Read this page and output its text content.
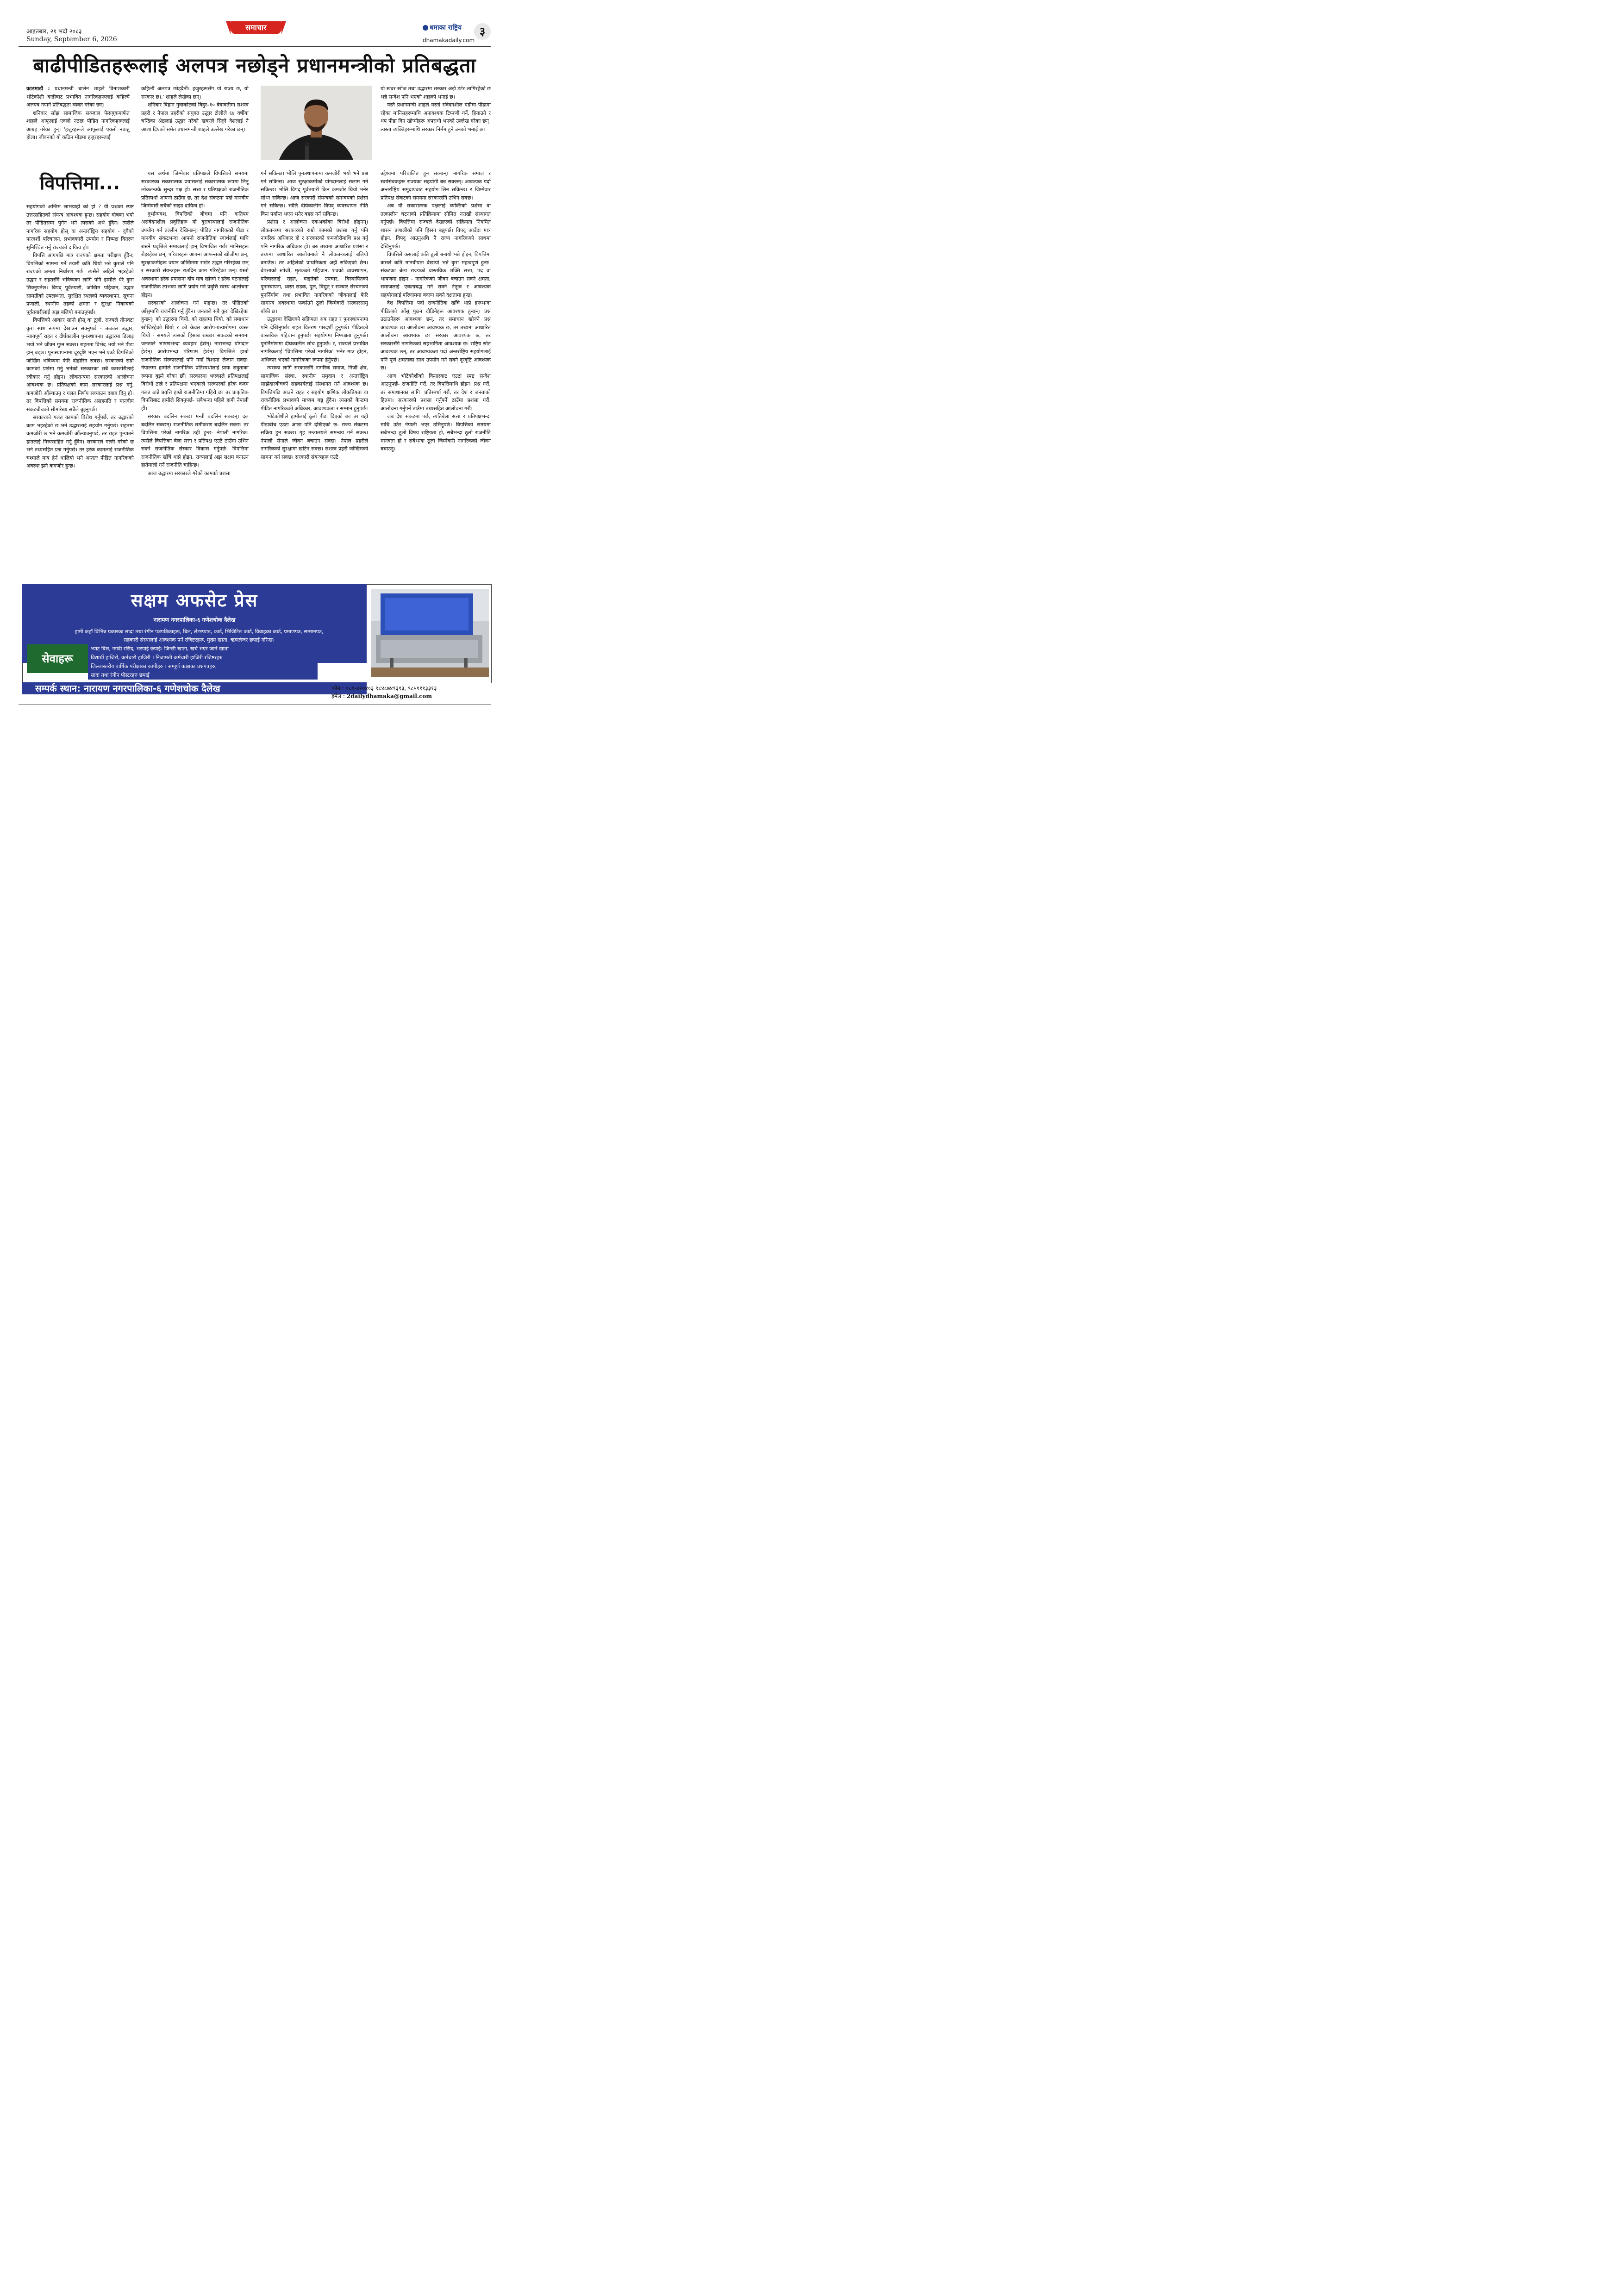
आइतबार, २१ भदौ २०८३
Sunday, September 6, 2026
समाचार	धमाका राष्ट्रिय
dhamakadaily.com
३
बाढीपीडितहरूलाई अलपत्र नछोड्ने प्रधानमन्त्रीको प्रतिबद्धता

काठमाडौं : प्रधानमन्त्री बालेन शाहले विनाशकारी भोटेकोशी बाढीबाट प्रभावित नागरिकहरूलाई कहिल्यै अलपत्र नपार्ने प्रतिबद्धता व्यक्त गरेका छन्।

शनिबार साँझ सामाजिक सञ्जाल फेसबुकमार्फत शाहले आफूलाई एक्लो नठान्न पीडित नागरिकहरूलाई आग्रह गरेका हुन्। 'हजुरहरूले आफूलाई एक्लो नठान्नु होला। जीवनको यो कठिन मोडमा हजुरहरूलाई

कहिल्यै अलपत्र छोड्दैनौं। हजुरहरूसँग यो राज्य छ, यो सरकार छ।,' शाहले लेखेका छन्।

शनिबार बिहान नुवाकोटको विदुर–१० बेत्रावतीमा सशस्त्र प्रहरी र नेपाल प्रहरीको संयुक्त उद्धार टोलीले ६४ वर्षीया चन्द्रिका श्रेष्ठलाई उद्धार गरेको खबरले सिङ्गो देशलाई नै आशा दिएको समेत प्रधानमन्त्री शाहले उल्लेख गरेका छन्।

यो खबर खोज तथा उद्धारमा सरकार अझै डटेर लागिरहेको छ भन्ने सन्देश पनि भएको शाहको भनाई छ।

यस्तै प्रधानमन्त्री शाहले यस्तो संवेदनशील घडीमा पीडामा रहेका मानिसहरूमाथि अनावश्यक टिप्पणी गर्ने, हियाउने र थप पीडा दिन खोज्नेहरू अपराधी भएको उल्लेख गरेका छन्। त्यस्ता व्यक्तिहरूमाथि सरकार निर्मम हुने उनको भनाई छ।

विपत्तिमा...

सहयोगको अन्तिम लाभग्राही को हो ? यी प्रश्नको स्पष्ट उत्तरसहितको संयन्त्र आवश्यक हुन्छ। सहयोग घोषणा भयो तर पीडितसम्म पुगेन भने त्यसको अर्थ हुँदैन। त्यसैले नागरिक सहयोग होस् वा अन्तर्राष्ट्रिय सहयोग - दुवैको पारदर्शी परिचालन, प्रभावकारी उपयोग र निष्पक्ष वितरण सुनिश्चित गर्नु राज्यको दायित्व हो।

विपत्ति आएपछि मात्र राज्यको क्षमता परीक्षण हुँदैन; विपत्तिको सामना गर्ने तयारी कति थियो भन्ने कुराले पनि राज्यको क्षमता निर्धारण गर्छ। त्यसैले अहिले भइरहेको उद्धार र राहतसँगै भविष्यका लागि पनि हामीले धेरै कुरा सिक्नुपर्नेछ। विपद् पूर्वतयारी, जोखिम पहिचान, उद्धार सामग्रीको उपलब्धता, सुरक्षित स्थलको व्यवस्थापन, सूचना प्रणाली, स्थानीय तहको क्षमता र सुरक्षा निकायको पूर्वतयारीलाई अझ बलियो बनाउनुपर्छ।

विपत्तिको आकार सानो होस् वा ठूलो, राज्यले तीनवटा कुरा स्पष्ट रूपमा देखाउन सक्नुपर्छ - तत्काल उद्धार, न्यायपूर्ण राहत र दीर्घकालीन पुनःस्थापना। उद्धारमा ढिलाइ भयो भने जीवन गुम्न सक्छ। राहतमा विभेद भयो भने पीडा झन् बढ्छ। पुनःस्थापनामा दूरदृष्टि भएन भने एउटै विपत्तिको जोखिम भविष्यमा फेरि दोहोरिन सक्छ। सरकारको राम्रो कामको प्रशंसा गर्नु भनेको सरकारका सबै कमजोरीलाई स्वीकार गर्नु होइन। लोकतन्त्रमा सरकारको आलोचना आवश्यक छ। प्रतिपक्षको काम सरकारलाई प्रश्न गर्नु, कमजोरी औंल्याउनु र गलत निर्णय सच्याउन दबाब दिनु हो। तर विपत्तिको समयमा राजनीतिक असहमति र मानवीय संकटबीचको सीमारेखा सबैले बुझ्नुपर्छ।

सरकारको गलत कामको विरोध गर्नुपर्छ, तर उद्धारको काम भइरहेको छ भने उद्धारलाई सहयोग गर्नुपर्छ। राहतमा कमजोरी छ भने कमजोरी औंल्याउनुपर्छ, तर राहत पुर्‍याउने हातलाई निरुत्साहित गर्नु हुँदैन। सरकारले गल्ती गरेको छ भने तथ्यसहित प्रश्न गर्नुपर्छ। तर हरेक कामलाई राजनीतिक चश्माले मात्र हेर्न थालियो भने अन्ततः पीडित नागरिकको अवस्था झनै कमजोर हुन्छ।

यस अर्थमा जिम्मेवार प्रतिपक्षले विपत्तिको समयमा सरकारका सकारात्मक प्रयासलाई सकारात्मक रूपमा लिनु लोकतन्त्रकै सुन्दर पक्ष हो। सत्ता र प्रतिपक्षको राजनीतिक प्रतिस्पर्धा आफ्नो ठाउँमा छ, तर देश संकटमा पर्दा मानवीय जिम्मेवारी सबैको साझा दायित्व हो।

दुर्भाग्यवश, विपत्तिको बीचमा पनि कतिपय असंवेदनशील प्रवृत्तिहरू यो दुरावस्थालाई राजनीतिक उपयोग गर्न तल्लीन देखिन्छन्। पीडित नागरिकको पीडा र मानवीय संकटभन्दा आफ्नो राजनीतिक स्वार्थलाई माथि राख्ने प्रवृत्तिले समाजलाई झन् विभाजित गर्छ। मानिसहरू रोइरहेका छन्, परिवारहरू आफ्ना आफन्तको खोजीमा छन्, सुरक्षाकर्मीहरू ज्यान जोखिममा राखेर उद्धार गरिरहेका छन् र सरकारी संयन्त्रहरू रातदिन काम गरिरहेका छन्। यस्तो अवस्थामा हरेक प्रयासमा दोष मात्र खोज्ने र हरेक घटनालाई राजनीतिक लाभका लागि प्रयोग गर्ने प्रवृत्ति स्वस्थ आलोचना होइन।

सरकारको आलोचना गर्न पाइन्छ। तर पीडितको आँसुमाथि राजनीति गर्नु हुँदैन। जनताले सबै कुरा देखिरहेका हुन्छन्। को उद्धारमा थियो, को राहतमा थियो, को समाधान खोजिरहेको थियो र को केवल आरोप-प्रत्यारोपमा व्यस्त थियो - समयले त्यसको हिसाब राख्छ। संकटको समयमा जनताले भाषणभन्दा व्यवहार हेर्छन्। नाराभन्दा योगदान हेर्छन्। आरोपभन्दा परिणाम हेर्छन्। विपत्तिले हाम्रो राजनीतिक संस्कारलाई पनि नयाँ दिशामा लैजान सक्छ। नेपालमा हामीले राजनीतिक प्रतिस्पर्धालाई प्रायः शत्रुताका रूपमा बुझ्ने गरेका छौं। सरकारमा भएकाले प्रतिपक्षलाई विरोधी ठान्ने र प्रतिपक्षमा भएकाले सरकारको हरेक कदम गलत ठान्ने प्रवृत्ति हाम्रो राजनीतिमा गहिरो छ। तर प्राकृतिक विपत्तिबाट हामीले सिक्नुपर्छ- सबैभन्दा पहिले हामी नेपाली हौं।

सरकार बदलिन सक्छ। मन्त्री बदलिन सक्छन्। दल बदलिन सक्छन्। राजनीतिक समीकरण बदलिन सक्छ। तर विपत्तिमा परेको नागरिक उही हुन्छ- नेपाली नागरिक। त्यसैले विपत्तिका बेला सत्ता र प्रतिपक्ष एउटै ठाउँमा उभिन सक्ने राजनीतिक संस्कार विकास गर्नुपर्छ। विपत्तिमा राजनीतिक खोँचे थाप्ने होइन, राज्यलाई अझ सक्षम बनाउन हातेमालो गर्ने राजनीति चाहिन्छ।

आज उद्धारमा सरकारले गरेको कामको प्रशंसा

गर्न सकिन्छ। भोलि पुनःस्थापनामा कमजोरी भयो भने प्रश्न गर्न सकिन्छ। आज सुरक्षाकर्मीको योगदानलाई सलाम गर्न सकिन्छ। भोलि विपद् पूर्वतयारी किन कमजोर थियो भनेर सोध्न सकिन्छ। आज सरकारी संयन्त्रको समन्वयको प्रशंसा गर्न सकिन्छ। भोलि दीर्घकालीन विपद् व्यवस्थापन नीति किन पर्याप्त भएन भनेर बहस गर्न सकिन्छ।

प्रशंसा र आलोचना एकअर्काका विरोधी होइनन्। लोकतन्त्रमा सरकारको राम्रो कामको प्रशंसा गर्नु पनि नागरिक अधिकार हो र सरकारको कमजोरीमाथि प्रश्न गर्नु पनि नागरिक अधिकार हो। बरु तथ्यमा आधारित प्रशंसा र तथ्यमा आधारित आलोचनाले नै लोकतन्त्रलाई बलियो बनाउँछ। तर अहिलेको प्राथमिकता अझै सकिएको छैन। बेपत्ताको खोजी, मृतकको पहिचान, शवको व्यवस्थापन, परिवारलाई राहत, घाइतेको उपचार, विस्थापितको पुनःस्थापना, ध्वस्त सडक, पुल, विद्युत् र सञ्चार संरचनाको पुनर्निर्माण तथा प्रभावित नागरिकको जीवनलाई फेरि सामान्य अवस्थामा फर्काउने ठूलो जिम्मेवारी सरकारसामु बाँकी छ।

उद्धारमा देखिएको सक्रियता अब राहत र पुनःस्थापनामा पनि देखिनुपर्छ। राहत वितरण पारदर्शी हुनुपर्छ। पीडितको वास्तविक पहिचान हुनुपर्छ। सहयोगमा निष्पक्षता हुनुपर्छ। पुनर्निर्माणमा दीर्घकालीन सोच हुनुपर्छ। र, राज्यले प्रभावित नागरिकलाई 'विपत्तिमा परेको नागरिक' भनेर मात्र होइन, अधिकार भएको नागरिकका रूपमा हेर्नुपर्छ।

त्यसका लागि सरकारसँगै नागरिक समाज, निजी क्षेत्र, सामाजिक संस्था, स्थानीय समुदाय र अन्तर्राष्ट्रिय साझेदारबीचको सहकार्यलाई संस्थागत गर्न आवश्यक छ। विपत्तिपछि आउने राहत र सहयोग क्षणिक लोकप्रियता वा राजनीतिक प्रभावको माध्यम बन्नु हुँदैन। त्यसको केन्द्रमा पीडित नागरिकको अधिकार, आवश्यकता र सम्मान हुनुपर्छ।

भोटेकोशीले हामीलाई ठूलो पीडा दिएको छ। तर यही पीडाबीच एउटा आशा पनि देखिएको छ- राज्य संकटमा सक्रिय हुन सक्छ। गृह मन्त्रालयले समन्वय गर्न सक्छ। नेपाली सेनाले जीवन बचाउन सक्छ। नेपाल प्रहरीले नागरिकको सुरक्षामा खटिन सक्छ। सशस्त्र प्रहरी जोखिमको सामना गर्न सक्छ। सरकारी संयन्त्रहरू एउटै

उद्देश्यमा परिचालित हुन सक्छन्। नागरिक समाज र स्वयंसेवकहरू राज्यका सहयोगी बन्न सक्छन्। आवश्यक पर्दा अन्तर्राष्ट्रिय समुदायबाट सहयोग लिन सकिन्छ। र जिम्मेवार प्रतिपक्ष संकटको समयमा सरकारसँगै उभिन सक्छ।

अब यी सकारात्मक पक्षलाई व्यक्तिको प्रशंसा वा तत्कालीन घटनाको प्रतिक्रियामा सीमित नराखी संस्थागत गर्नुपर्छ। विपत्तिमा राज्यले देखाएको सक्रियता नियमित शासन प्रणालीको पनि हिस्सा बन्नुपर्छ। विपद् आउँदा मात्र होइन, विपद् आउनुअघि नै राज्य नागरिकको साथमा देखिनुपर्छ।

विपत्तिले कसलाई कति ठूलो बनायो भन्ने होइन, विपत्तिमा कसले कति मानवीयता देखायो भन्ने कुरा महत्वपूर्ण हुन्छ। संकटका बेला राज्यको वास्तविक शक्ति सत्ता, पद वा भाषणमा होइन - नागरिकको जीवन बचाउन सक्ने क्षमता, समाजलाई एकताबद्ध गर्न सक्ने नेतृत्व र आवश्यक सहयोगलाई परिणाममा बदल्न सक्ने दक्षतामा हुन्छ।

देश विपत्तिमा पर्दा राजनीतिक खोँचे थाप्ने हरूभन्दा पीडितको आँसु पुछ्न दौडिनेहरू आवश्यक हुन्छन्। प्रश्न उठाउनेहरू आवश्यक छन्, तर समाधान खोज्ने प्रश्न आवश्यक छ। आलोचना आवश्यक छ, तर तथ्यमा आधारित आलोचना आवश्यक छ। सरकार आवश्यक छ, तर सरकारसँगै नागरिकको सहभागिता आवश्यक छ। राष्ट्रिय स्रोत आवश्यक छन्, तर आवश्यकता पर्दा अन्तर्राष्ट्रिय सहयोगलाई पनि पूर्ण क्षमताका साथ उपयोग गर्न सक्ने दूरदृष्टि आवश्यक छ।

आज भोटेकोशीको किनारबाट एउटा स्पष्ट सन्देश आउनुपर्छ- राजनीति गरौं, तर विपत्तिमाथि होइन। प्रश्न गरौं, तर समाधानका लागि। प्रतिस्पर्धा गरौं, तर देश र जनताको हितमा। सरकारको प्रशंसा गर्नुपर्ने ठाउँमा प्रशंसा गरौं, आलोचना गर्नुपर्ने ठाउँमा तथ्यसहित आलोचना गरौं।

जब देश संकटमा पर्छ, त्यतिबेला सत्ता र प्रतिपक्षभन्दा माथि उठेर नेपाली भएर उभिनुपर्छ। विपत्तिको समयमा सबैभन्दा ठूलो विषय राष्ट्रियता हो, सबैभन्दा ठूलो राजनीति मानवता हो र सबैभन्दा ठूलो जिम्मेवारी नागरिकको जीवन बचाउनु।

सक्षम अफसेट प्रेस
नारायण नगरपालिका-६ गणेशचोक दैलेख
हामी कहाँ विभिन्न प्रकारका सादा तथा रंगीन पत्रपत्रिकाहरू, बिल, लेटरप्याड, कार्ड, भिजिटिङ कार्ड, विवाहका कार्ड, प्रमाणपत्र, सम्मानपत्र, सहकारी संस्थालाई आवश्यक पर्ने रजिष्टरहरू, मुख्य खाता, ऋणलेजर छपाई गरिन्छ।
सेवाहरू
भ्याट बिल, नगदी रसिद, भरपाई छपाई। जिन्सी खाता, खर्च भएर जाने खाता
विद्यार्थी हाजिरी, कर्मचारी हाजिरी । निजामती कर्मचारी हाजिरी रजिष्टरहरु
जिल्लास्तरीय वार्षिक परीक्षाका कापीहरु । सम्पूर्ण कक्षाका प्रश्नपत्रहरु,
सादा तथा रंगीन पोस्टरहरु छपाई
सम्पर्क स्थान: नारायण नगरपालिका-६ गणेशचोक दैलेख	फोन : ०८९-४२०४०३ ९८४८७४९३१३, ९८५१११३३१३
इमेल : 2dailydhamaka@gmail.com
